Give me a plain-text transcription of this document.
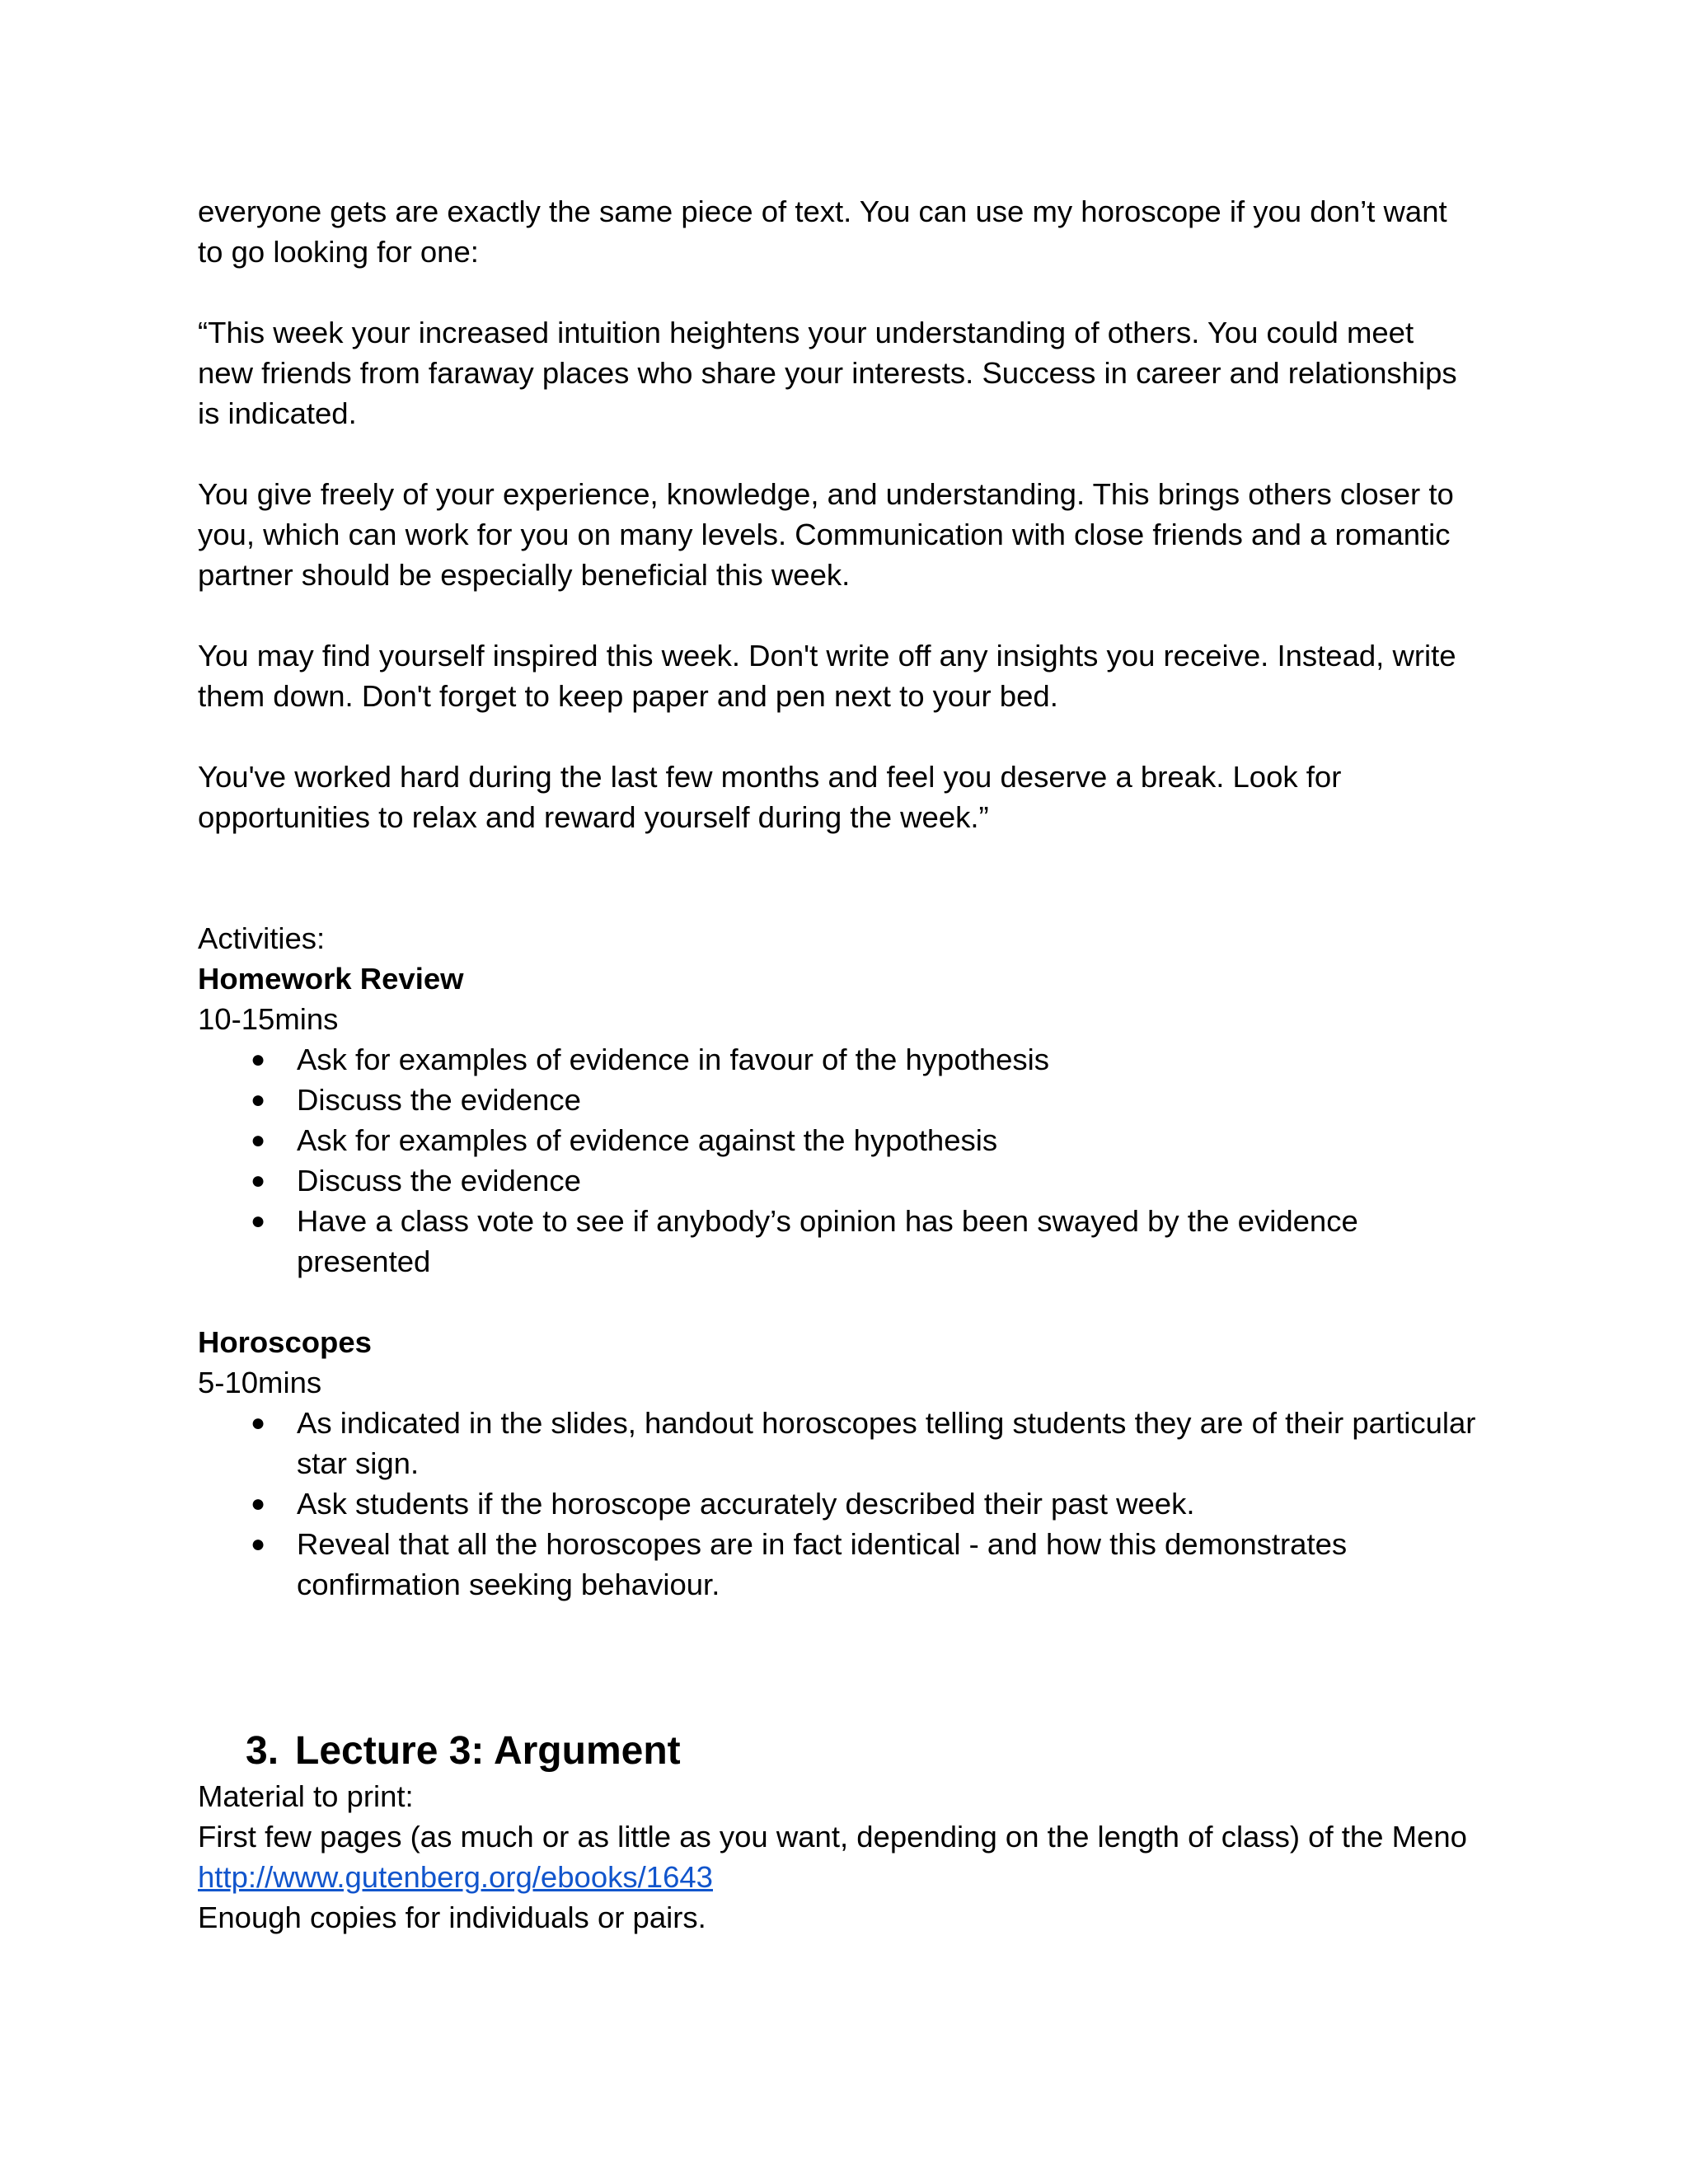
everyone gets are exactly the same piece of text. You can use my horoscope if you don’t want
to go looking for one:

“This week your increased intuition heightens your understanding of others. You could meet
new friends from faraway places who share your interests. Success in career and relationships
is indicated.

You give freely of your experience, knowledge, and understanding. This brings others closer to
you, which can work for you on many levels. Communication with close friends and a romantic
partner should be especially beneficial this week.

You may find yourself inspired this week. Don't write off any insights you receive. Instead, write
them down. Don't forget to keep paper and pen next to your bed.

You've worked hard during the last few months and feel you deserve a break. Look for
opportunities to relax and reward yourself during the week.”

Activities:
Homework Review
10-15mins
● Ask for examples of evidence in favour of the hypothesis
● Discuss the evidence
● Ask for examples of evidence against the hypothesis
● Discuss the evidence
● Have a class vote to see if anybody’s opinion has been swayed by the evidence
presented
Horoscopes
5-10mins
● As indicated in the slides, handout horoscopes telling students they are of their particular
star sign.
● Ask students if the horoscope accurately described their past week.
● Reveal that all the horoscopes are in fact identical - and how this demonstrates
confirmation seeking behaviour.
3. Lecture 3: Argument
Material to print:
First few pages (as much or as little as you want, depending on the length of class) of the Meno
http://www.gutenberg.org/ebooks/1643
Enough copies for individuals or pairs.
